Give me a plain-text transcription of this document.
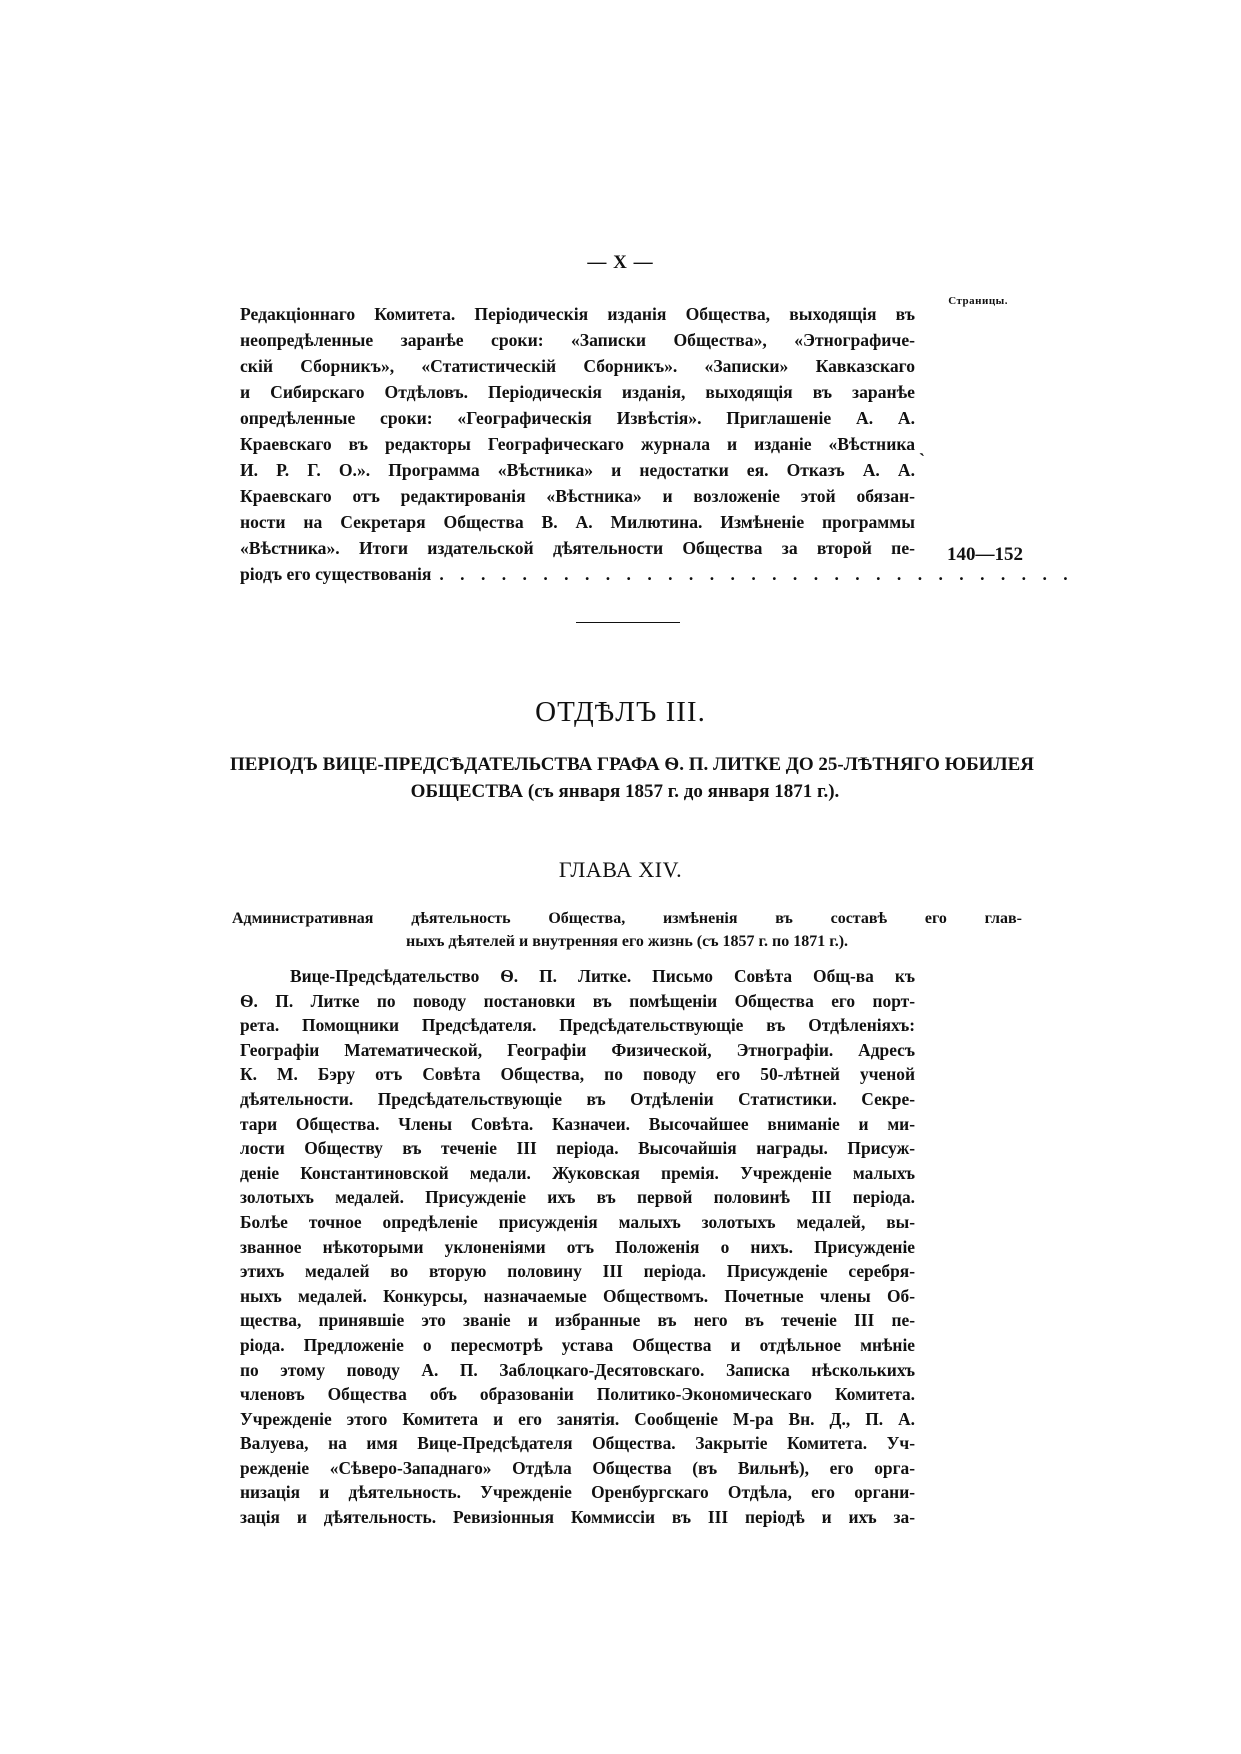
— X —
Страницы.
Редакціоннаго Комитета. Періодическія изданія Общества, выходящія въ
неопредѣленные заранѣе сроки: «Записки Общества», «Этнографиче-
скій Сборникъ», «Статистическій Сборникъ». «Записки» Кавказскаго
и Сибирскаго Отдѣловъ. Періодическія изданія, выходящія въ заранѣе
опредѣленные сроки: «Географическія Извѣстія». Приглашеніе А. А.
Краевскаго въ редакторы Географическаго журнала и изданіе «Вѣстника
И. Р. Г. О.». Программа «Вѣстника» и недостатки ея. Отказъ А. А.
Краевскаго отъ редактированія «Вѣстника» и возложеніе этой обязан-
ности на Секретаря Общества В. А. Милютина. Измѣненіе программы
«Вѣстника». Итоги издательской дѣятельности Общества за второй пе-
ріодъ его существованія . . . . . . . . . . . . . . . . . . . . . . . . . . . . . . .
`
140—152
ОТДѢЛЪ III.
ПЕРІОДЪ ВИЦЕ-ПРЕДСѢДАТЕЛЬСТВА ГРАФА Ѳ. П. ЛИТКЕ ДО 25-ЛѢТНЯГО ЮБИЛЕЯ
ОБЩЕСТВА (съ января 1857 г. до января 1871 г.).
ГЛАВА XIV.
Административная дѣятельность Общества, измѣненія въ составѣ его глав-
ныхъ дѣятелей и внутренняя его жизнь (съ 1857 г. по 1871 г.).
Вице-Предсѣдательство Ѳ. П. Литке. Письмо Совѣта Общ-ва къ
Ѳ. П. Литке по поводу постановки въ помѣщеніи Общества его порт-
рета. Помощники Предсѣдателя. Предсѣдательствующіе въ Отдѣленіяхъ:
Географіи Математической, Географіи Физической, Этнографіи. Адресъ
К. М. Бэру отъ Совѣта Общества, по поводу его 50-лѣтней ученой
дѣятельности. Предсѣдательствующіе въ Отдѣленіи Статистики. Секре-
тари Общества. Члены Совѣта. Казначеи. Высочайшее вниманіе и ми-
лости Обществу въ теченіе III періода. Высочайшія награды. Присуж-
деніе Константиновской медали. Жуковская премія. Учрежденіе малыхъ
золотыхъ медалей. Присужденіе ихъ въ первой половинѣ III періода.
Болѣе точное опредѣленіе присужденія малыхъ золотыхъ медалей, вы-
званное нѣкоторыми уклоненіями отъ Положенія о нихъ. Присужденіе
этихъ медалей во вторую половину III періода. Присужденіе серебря-
ныхъ медалей. Конкурсы, назначаемые Обществомъ. Почетные члены Об-
щества, принявшіе это званіе и избранные въ него въ теченіе III пе-
ріода. Предложеніе о пересмотрѣ устава Общества и отдѣльное мнѣніе
по этому поводу А. П. Заблоцкаго-Десятовскаго. Записка нѣсколькихъ
членовъ Общества объ образованіи Политико-Экономическаго Комитета.
Учрежденіе этого Комитета и его занятія. Сообщеніе М-ра Вн. Д., П. А.
Валуева, на имя Вице-Предсѣдателя Общества. Закрытіе Комитета. Уч-
режденіе «Сѣверо-Западнаго» Отдѣла Общества (въ Вильнѣ), его орга-
низація и дѣятельность. Учрежденіе Оренбургскаго Отдѣла, его органи-
зація и дѣятельность. Ревизіонныя Коммиссіи въ III періодѣ и ихъ за-
